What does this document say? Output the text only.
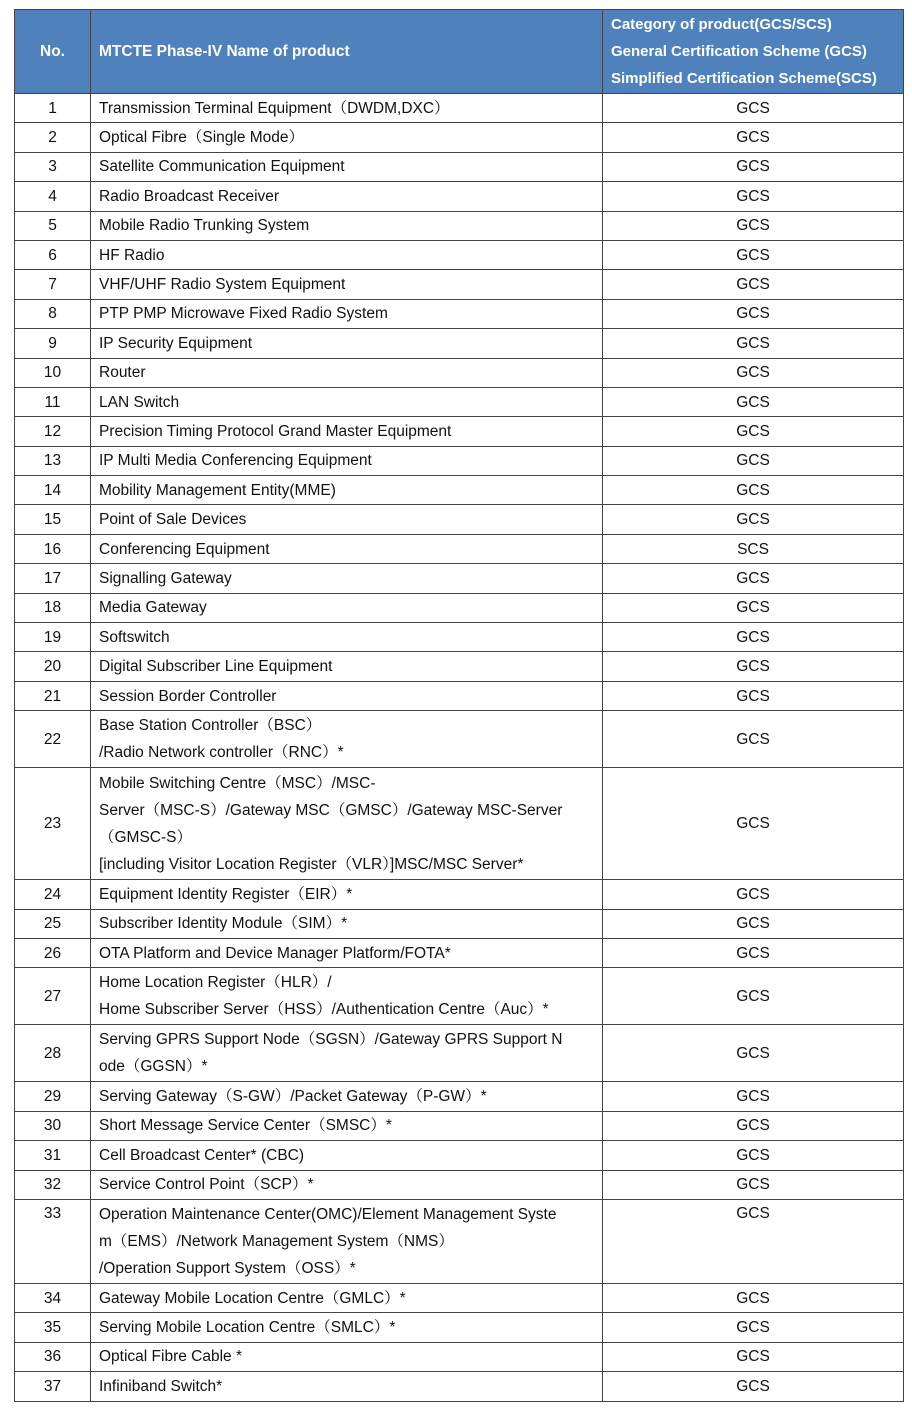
No.	MTCTE Phase-IV Name of product	Category of product(GCS/SCS)
General Certification Scheme (GCS)
Simplified Certification Scheme(SCS)

1	Transmission Terminal Equipment（DWDM,DXC）	GCS
2	Optical Fibre（Single Mode）	GCS
3	Satellite Communication Equipment	GCS
4	Radio Broadcast Receiver	GCS
5	Mobile Radio Trunking System	GCS
6	HF Radio	GCS
7	VHF/UHF Radio System Equipment	GCS
8	PTP PMP Microwave Fixed Radio System	GCS
9	IP Security Equipment	GCS
10	Router	GCS
11	LAN Switch	GCS
12	Precision Timing Protocol Grand Master Equipment	GCS
13	IP Multi Media Conferencing Equipment	GCS
14	Mobility Management Entity(MME)	GCS
15	Point of Sale Devices	GCS
16	Conferencing Equipment	SCS
17	Signalling Gateway	GCS
18	Media Gateway	GCS
19	Softswitch	GCS
20	Digital Subscriber Line Equipment	GCS
21	Session Border Controller	GCS
22	Base Station Controller（BSC）
/Radio Network controller（RNC）*	GCS
23	Mobile Switching Centre（MSC）/MSC-
Server（MSC-S）/Gateway MSC（GMSC）/Gateway MSC-Server
（GMSC-S）
[including Visitor Location Register（VLR）]MSC/MSC Server*	GCS
24	Equipment Identity Register（EIR）*	GCS
25	Subscriber Identity Module（SIM）*	GCS
26	OTA Platform and Device Manager Platform/FOTA*	GCS
27	Home Location Register（HLR）/
Home Subscriber Server（HSS）/Authentication Centre（Auc）*	GCS
28	Serving GPRS Support Node（SGSN）/Gateway GPRS Support N
ode（GGSN）*	GCS
29	Serving Gateway（S-GW）/Packet Gateway（P-GW）*	GCS
30	Short Message Service Center（SMSC）*	GCS
31	Cell Broadcast Center* (CBC)	GCS
32	Service Control Point（SCP）*	GCS
33	Operation Maintenance Center(OMC)/Element Management Syste
m（EMS）/Network Management System（NMS）
/Operation Support System（OSS）*	GCS
34	Gateway Mobile Location Centre（GMLC）*	GCS
35	Serving Mobile Location Centre（SMLC）*	GCS
36	Optical Fibre Cable *	GCS
37	Infiniband Switch*	GCS
